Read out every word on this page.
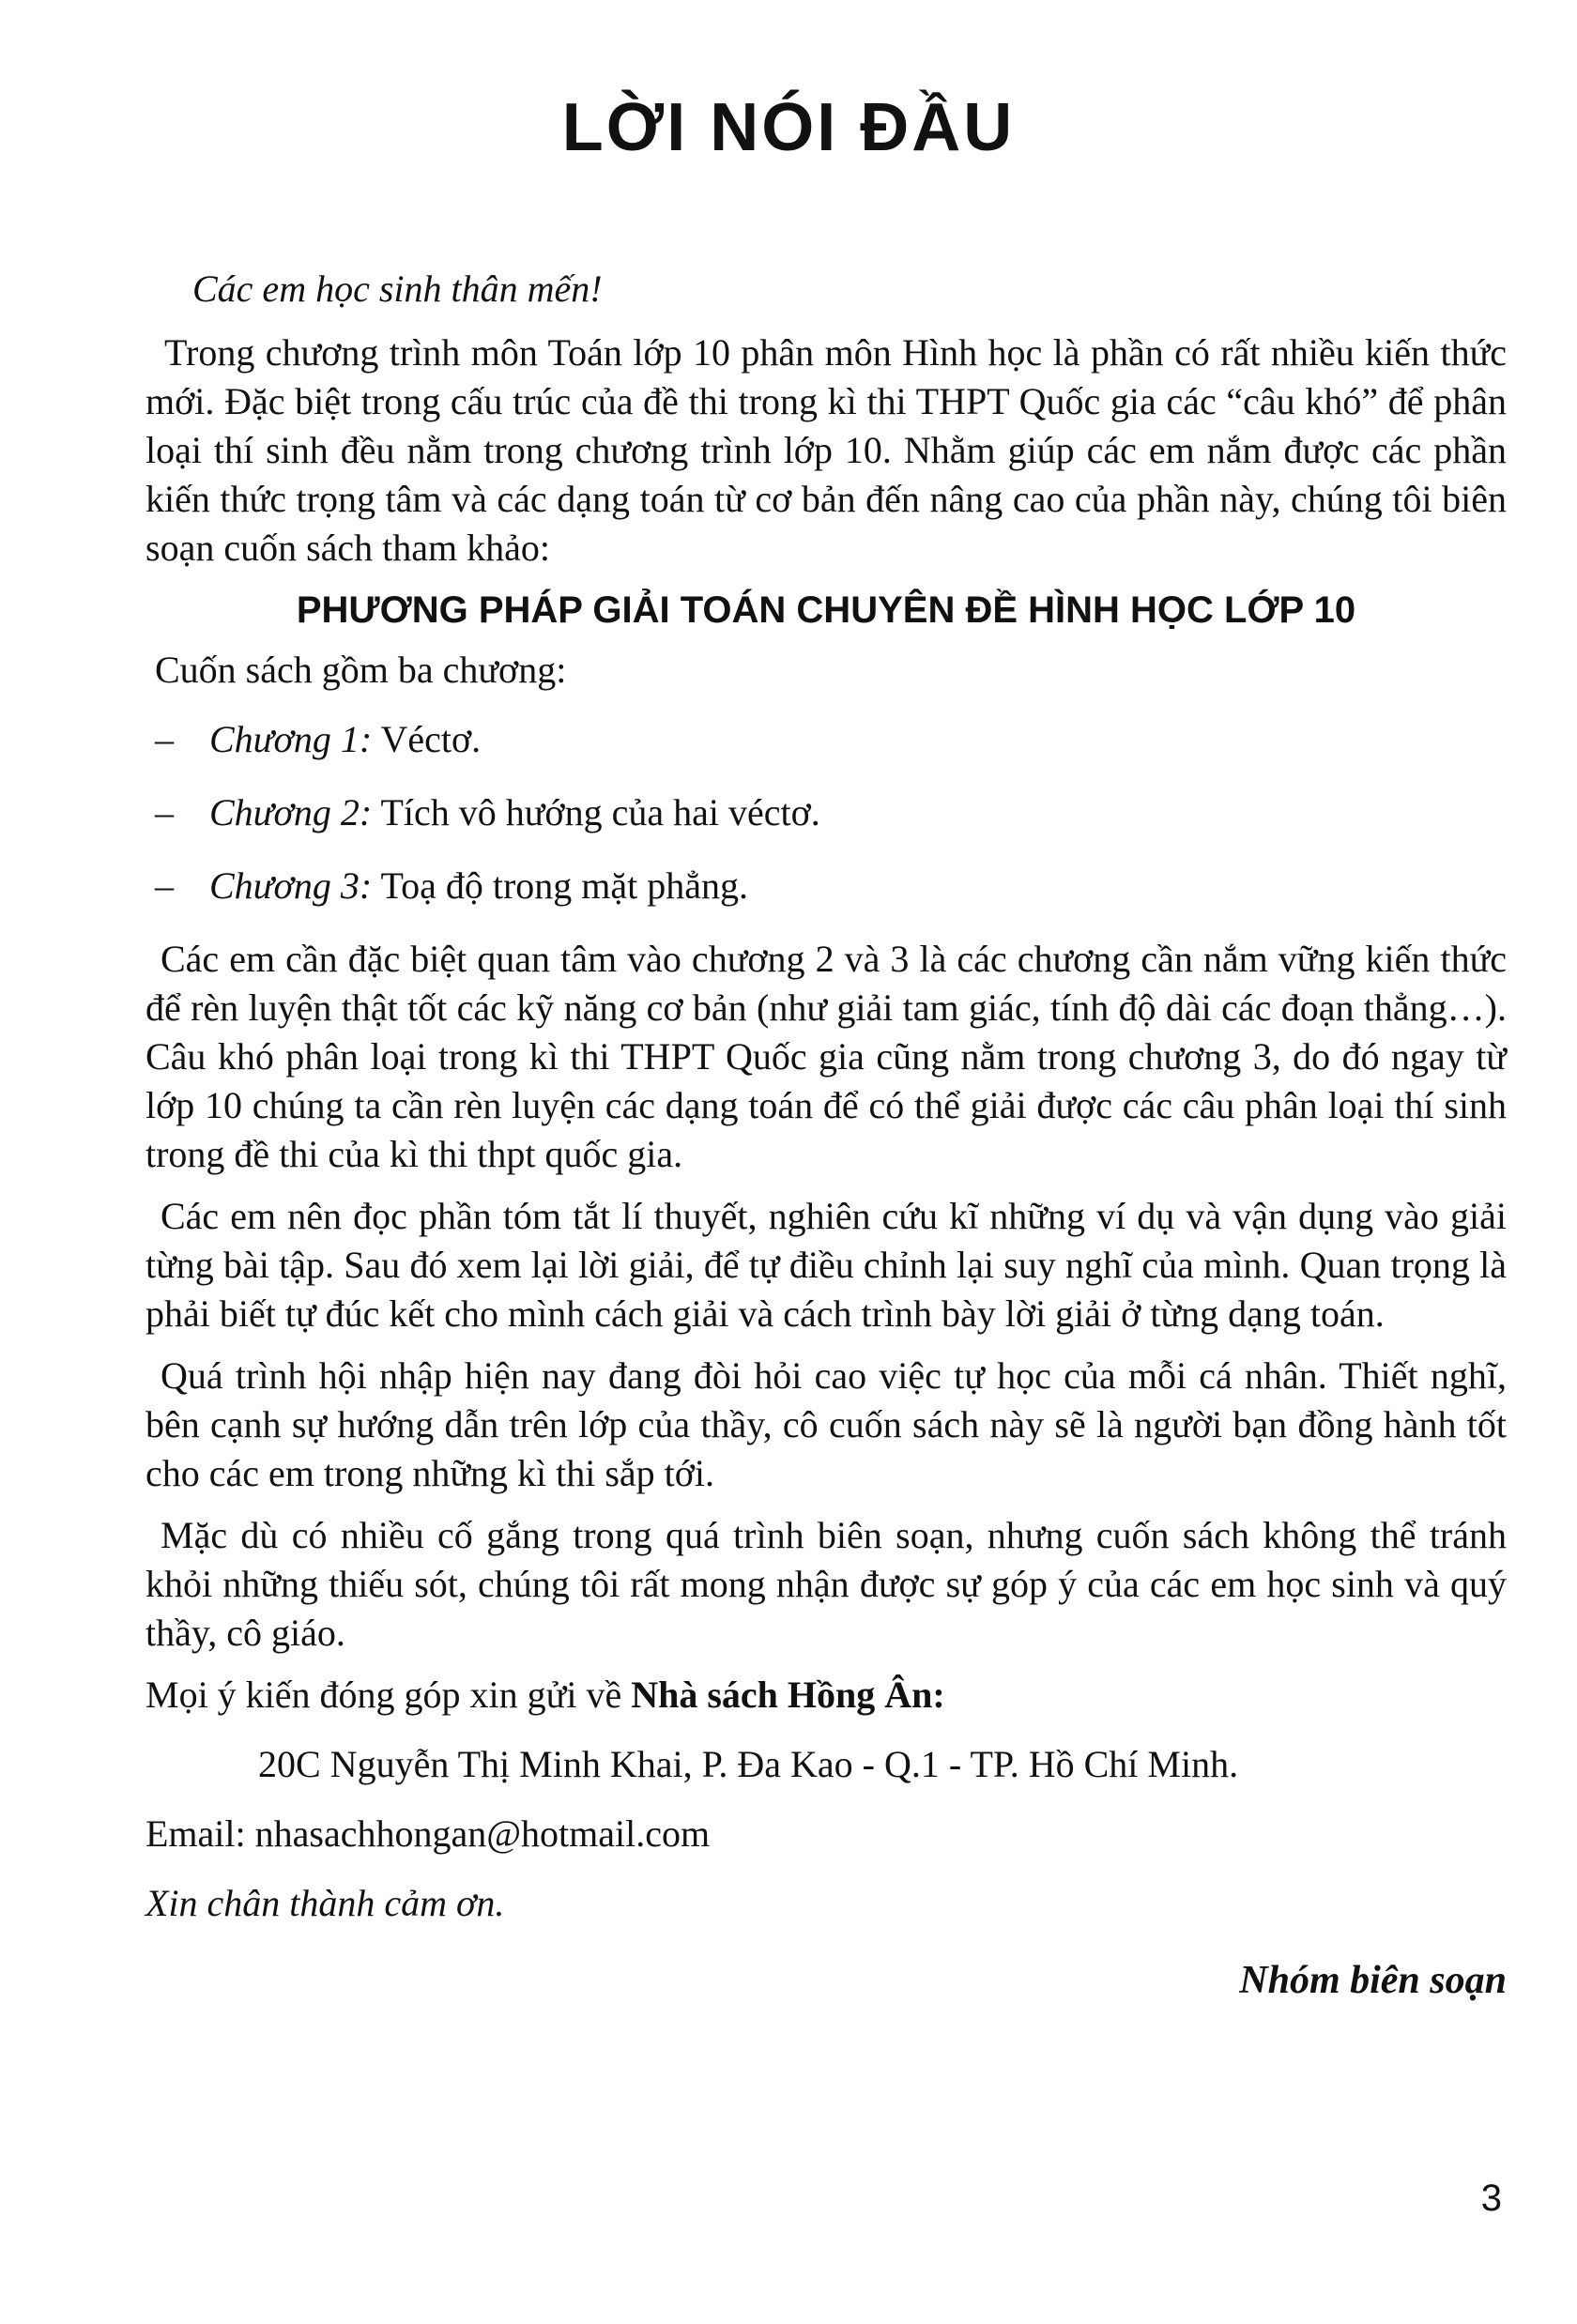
LỜI NÓI ĐẦU

Các em học sinh thân mến!

Trong chương trình môn Toán lớp 10 phân môn Hình học là phần có rất nhiều kiến thức mới. Đặc biệt trong cấu trúc của đề thi trong kì thi THPT Quốc gia các “câu khó” để phân loại thí sinh đều nằm trong chương trình lớp 10. Nhằm giúp các em nắm được các phần kiến thức trọng tâm và các dạng toán từ cơ bản đến nâng cao của phần này, chúng tôi biên soạn cuốn sách tham khảo:

PHƯƠNG PHÁP GIẢI TOÁN CHUYÊN ĐỀ HÌNH HỌC LỚP 10

Cuốn sách gồm ba chương:

– Chương 1: Véctơ.

– Chương 2: Tích vô hướng của hai véctơ.

– Chương 3: Toạ độ trong mặt phẳng.

Các em cần đặc biệt quan tâm vào chương 2 và 3 là các chương cần nắm vững kiến thức để rèn luyện thật tốt các kỹ năng cơ bản (như giải tam giác, tính độ dài các đoạn thẳng…). Câu khó phân loại trong kì thi THPT Quốc gia cũng nằm trong chương 3, do đó ngay từ lớp 10 chúng ta cần rèn luyện các dạng toán để có thể giải được các câu phân loại thí sinh trong đề thi của kì thi thpt quốc gia.

Các em nên đọc phần tóm tắt lí thuyết, nghiên cứu kĩ những ví dụ và vận dụng vào giải từng bài tập. Sau đó xem lại lời giải, để tự điều chỉnh lại suy nghĩ của mình. Quan trọng là phải biết tự đúc kết cho mình cách giải và cách trình bày lời giải ở từng dạng toán.

Quá trình hội nhập hiện nay đang đòi hỏi cao việc tự học của mỗi cá nhân. Thiết nghĩ, bên cạnh sự hướng dẫn trên lớp của thầy, cô cuốn sách này sẽ là người bạn đồng hành tốt cho các em trong những kì thi sắp tới.

Mặc dù có nhiều cố gắng trong quá trình biên soạn, nhưng cuốn sách không thể tránh khỏi những thiếu sót, chúng tôi rất mong nhận được sự góp ý của các em học sinh và quý thầy, cô giáo.

Mọi ý kiến đóng góp xin gửi về Nhà sách Hồng Ân:

20C Nguyễn Thị Minh Khai, P. Đa Kao - Q.1 - TP. Hồ Chí Minh.

Email: nhasachhongan@hotmail.com

Xin chân thành cảm ơn.

Nhóm biên soạn

3
